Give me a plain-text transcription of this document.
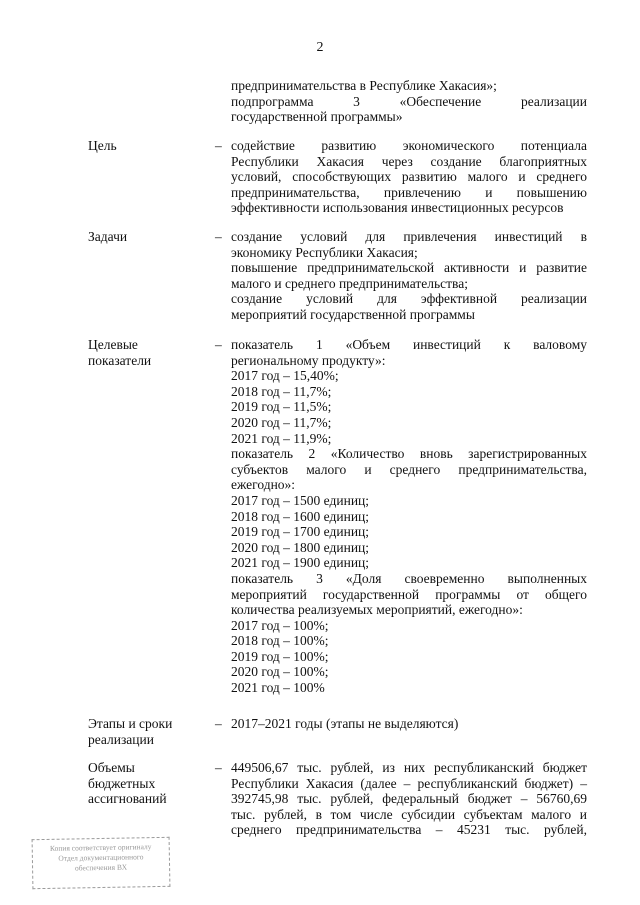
2

предпринимательства в Республике Хакасия»;

подпрограмма 3 «Обеспечение реализации

государственной программы»

Цель	– содействие развитию экономического потенциала

Республики Хакасия через создание благоприятных

условий, способствующих развитию малого и среднего

предпринимательства, привлечению и повышению

эффективности использования инвестиционных ресурсов

Задачи	– создание условий для привлечения инвестиций в

экономику Республики Хакасия;

повышение предпринимательской активности и развитие

малого и среднего предпринимательства;

создание условий для эффективной реализации

мероприятий государственной программы

Целевые
показатели
– показатель 1 «Объем инвестиций к валовому

региональному продукту»:

2017 год – 15,40%;

2018 год – 11,7%;

2019 год – 11,5%;

2020 год – 11,7%;

2021 год – 11,9%;

показатель 2 «Количество вновь зарегистрированных

субъектов малого и среднего предпринимательства,

ежегодно»:

2017 год – 1500 единиц;

2018 год – 1600 единиц;

2019 год – 1700 единиц;

2020 год – 1800 единиц;

2021 год – 1900 единиц;

показатель 3 «Доля своевременно выполненных

мероприятий государственной программы от общего

количества реализуемых мероприятий, ежегодно»:

2017 год – 100%;

2018 год – 100%;

2019 год – 100%;

2020 год – 100%;

2021 год – 100%

Этапы и сроки
реализации
– 2017–2021 годы (этапы не выделяются)

Объемы
бюджетных
ассигнований
– 449506,67 тыс. рублей, из них республиканский бюджет

Республики Хакасия (далее – республиканский бюджет) –

392745,98 тыс. рублей, федеральный бюджет – 56760,69

тыс. рублей, в том числе субсидии субъектам малого и

среднего предпринимательства – 45231 тыс. рублей,

Копия соответствует оригиналу
Отдел документационного
обеспечения ВХ
